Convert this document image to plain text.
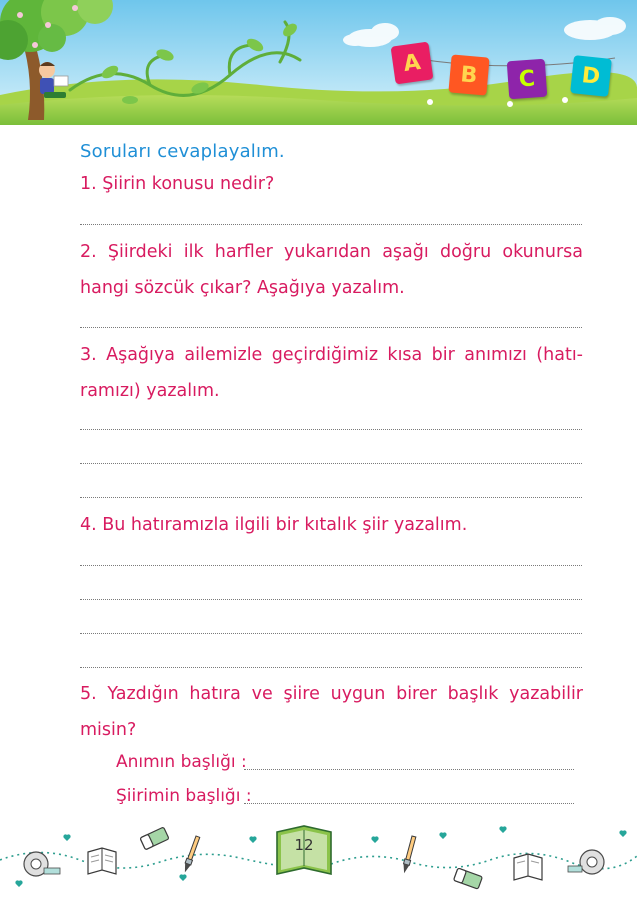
A B C D
Soruları cevaplayalım.
1. Şiirin konusu nedir?
2. Şiirdeki ilk harfler yukarıdan aşağı doğru okunursa
hangi sözcük çıkar? Aşağıya yazalım.
3. Aşağıya ailemizle geçirdiğimiz kısa bir anımızı (hatı-
ramızı) yazalım.
4. Bu hatıramızla ilgili bir kıtalık şiir yazalım.
5. Yazdığın hatıra ve şiire uygun birer başlık yazabilir
misin?
Anımın başlığı :
Şiirimin başlığı :
12
